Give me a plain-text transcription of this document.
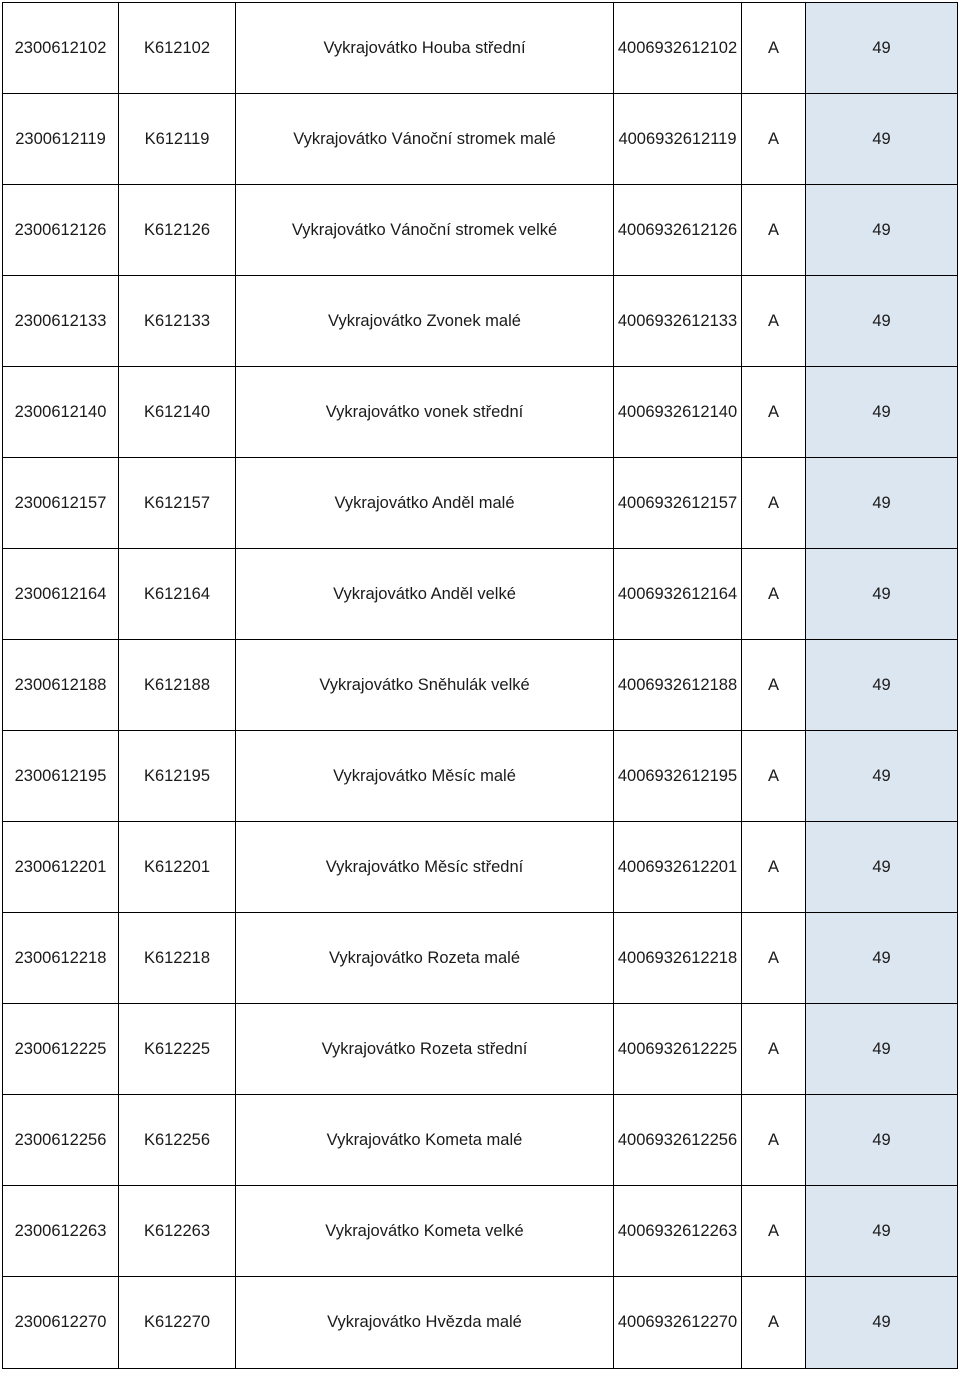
2300612102	K612102	Vykrajovátko Houba střední	4006932612102	A	49
2300612119	K612119	Vykrajovátko Vánoční stromek malé	4006932612119	A	49
2300612126	K612126	Vykrajovátko Vánoční stromek velké	4006932612126	A	49
2300612133	K612133	Vykrajovátko Zvonek malé	4006932612133	A	49
2300612140	K612140	Vykrajovátko vonek střední	4006932612140	A	49
2300612157	K612157	Vykrajovátko Anděl malé	4006932612157	A	49
2300612164	K612164	Vykrajovátko Anděl velké	4006932612164	A	49
2300612188	K612188	Vykrajovátko Sněhulák velké	4006932612188	A	49
2300612195	K612195	Vykrajovátko Měsíc malé	4006932612195	A	49
2300612201	K612201	Vykrajovátko Měsíc střední	4006932612201	A	49
2300612218	K612218	Vykrajovátko Rozeta malé	4006932612218	A	49
2300612225	K612225	Vykrajovátko Rozeta střední	4006932612225	A	49
2300612256	K612256	Vykrajovátko Kometa malé	4006932612256	A	49
2300612263	K612263	Vykrajovátko Kometa velké	4006932612263	A	49
2300612270	K612270	Vykrajovátko Hvězda malé	4006932612270	A	49
